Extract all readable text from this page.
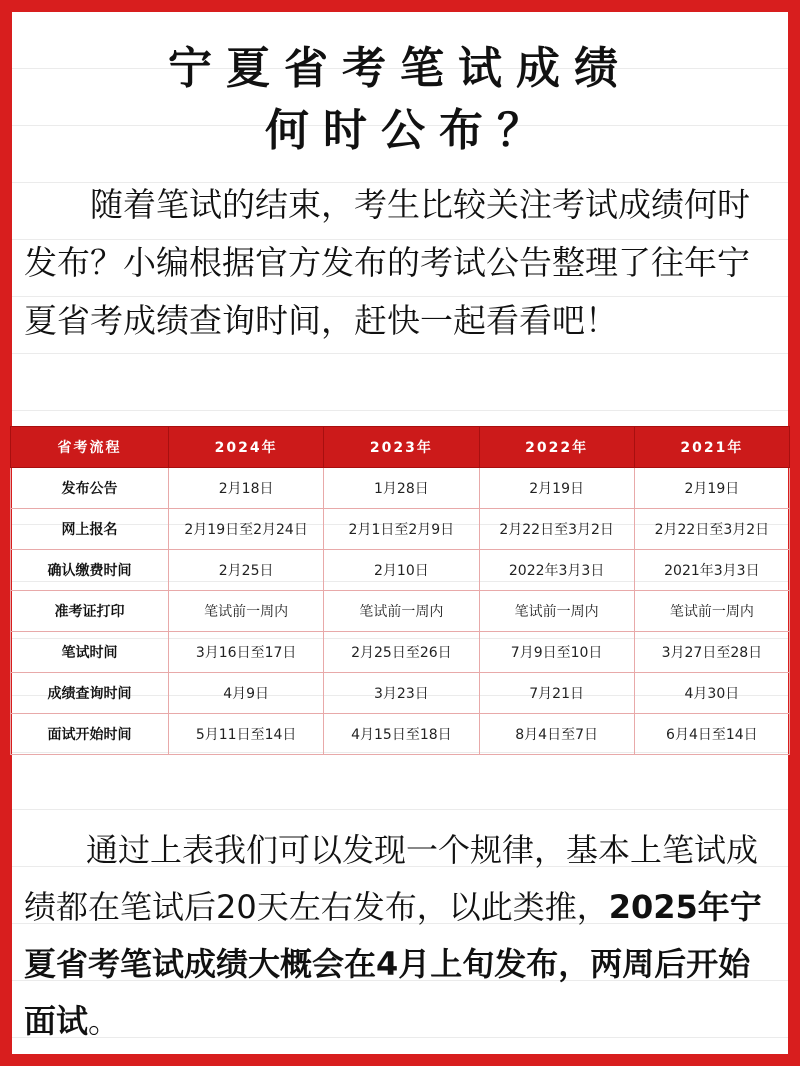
宁夏省考笔试成绩
何时公布？

随着笔试的结束，考生比较关注考试成绩何时发布？小编根据官方发布的考试公告整理了往年宁夏省考成绩查询时间，赶快一起看看吧！

省考流程	2024年	2023年	2022年	2021年
发布公告	2月18日	1月28日	2月19日	2月19日
网上报名	2月19日至2月24日	2月1日至2月9日	2月22日至3月2日	2月22日至3月2日
确认缴费时间	2月25日	2月10日	2022年3月3日	2021年3月3日
准考证打印	笔试前一周内	笔试前一周内	笔试前一周内	笔试前一周内
笔试时间	3月16日至17日	2月25日至26日	7月9日至10日	3月27日至28日
成绩查询时间	4月9日	3月23日	7月21日	4月30日
面试开始时间	5月11日至14日	4月15日至18日	8月4日至7日	6月4日至14日

通过上表我们可以发现一个规律，基本上笔试成绩都在笔试后20天左右发布，以此类推，2025年宁夏省考笔试成绩大概会在4月上旬发布，两周后开始面试。
